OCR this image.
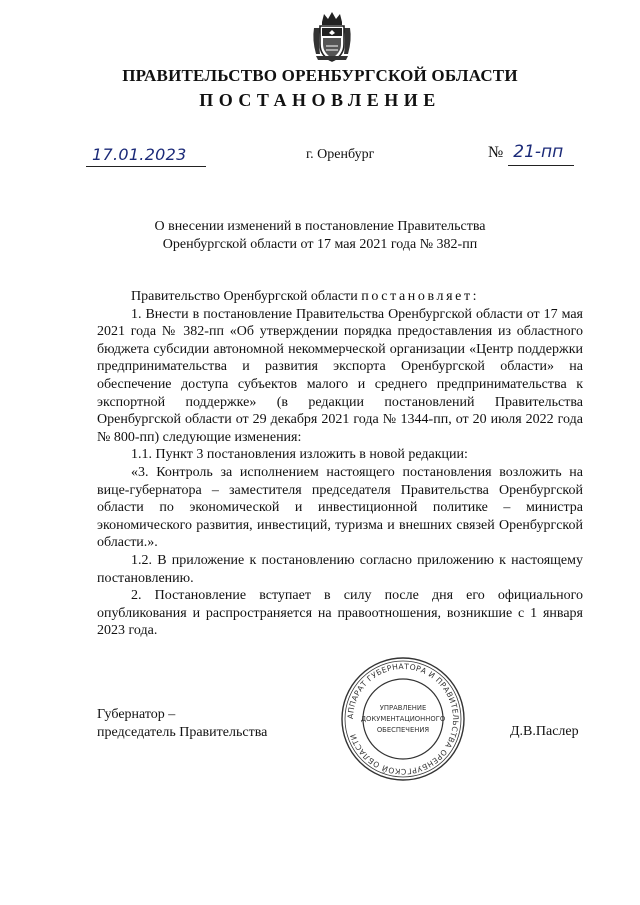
ПРАВИТЕЛЬСТВО ОРЕНБУРГСКОЙ ОБЛАСТИ
ПОСТАНОВЛЕНИЕ
17.01.2023	г. Оренбург	№ 21-пп
О внесении изменений в постановление Правительства
Оренбургской области от 17 мая 2021 года № 382-пп

Правительство Оренбургской области постановляет:

1. Внести в постановление Правительства Оренбургской области от 17 мая 2021 года № 382-пп «Об утверждении порядка предоставления из областного бюджета субсидии автономной некоммерческой организации «Центр поддержки предпринимательства и развития экспорта Оренбургской области» на обеспечение доступа субъектов малого и среднего предпринимательства к экспортной поддержке» (в редакции постановлений Правительства Оренбургской области от 29 декабря 2021 года № 1344-пп, от 20 июля 2022 года № 800-пп) следующие изменения:

1.1. Пункт 3 постановления изложить в новой редакции:

«3. Контроль за исполнением настоящего постановления возложить на вице-губернатора – заместителя председателя Правительства Оренбургской области по экономической и инвестиционной политике – министра экономического развития, инвестиций, туризма и внешних связей Оренбургской области.».

1.2. В приложение к постановлению согласно приложению к настоящему постановлению.

2. Постановление вступает в силу после дня его официального опубликования и распространяется на правоотношения, возникшие с 1 января 2023 года.

Губернатор –
председатель Правительства
АППАРАТ ГУБЕРНАТОРА И ПРАВИТЕЛЬСТВА ОРЕНБУРГСКОЙ ОБЛАСТИ
УПРАВЛЕНИЕ
ДОКУМЕНТАЦИОННОГО
ОБЕСПЕЧЕНИЯ	Д.В.Паслер
